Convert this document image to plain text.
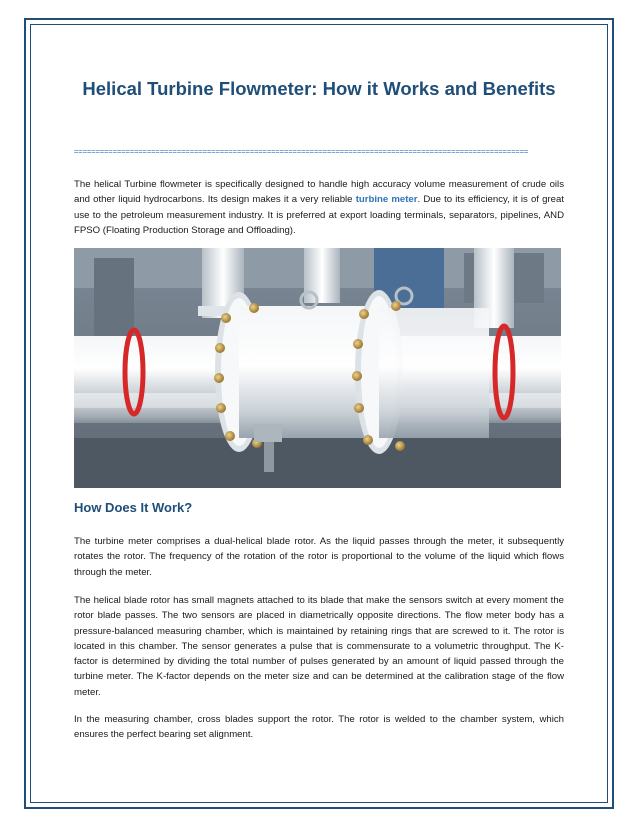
Helical Turbine Flowmeter: How it Works and Benefits
==========================================================================================================

The helical Turbine flowmeter is specifically designed to handle high accuracy volume measurement of crude oils and other liquid hydrocarbons. Its design makes it a very reliable turbine meter. Due to its efficiency, it is of great use to the petroleum measurement industry. It is preferred at export loading terminals, separators, pipelines, AND FPSO (Floating Production Storage and Offloading).

How Does It Work?

The turbine meter comprises a dual-helical blade rotor. As the liquid passes through the meter, it subsequently rotates the rotor. The frequency of the rotation of the rotor is proportional to the volume of the liquid which flows through the meter.

The helical blade rotor has small magnets attached to its blade that make the sensors switch at every moment the rotor blade passes. The two sensors are placed in diametrically opposite directions. The flow meter body has a pressure-balanced measuring chamber, which is maintained by retaining rings that are screwed to it. The rotor is located in this chamber. The sensor generates a pulse that is commensurate to a volumetric throughput. The K-factor is determined by dividing the total number of pulses generated by an amount of liquid passed through the turbine meter. The K-factor depends on the meter size and can be determined at the calibration stage of the flow meter.

In the measuring chamber, cross blades support the rotor. The rotor is welded to the chamber system, which ensures the perfect bearing set alignment.
